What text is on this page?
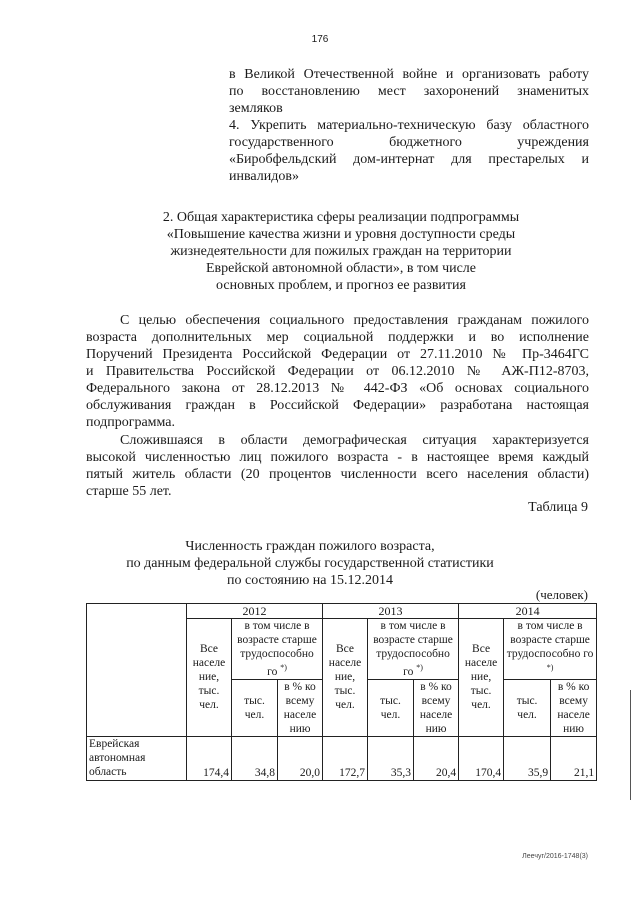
176
в Великой Отечественной войне и организовать работу
по восстановлению мест захоронений знаменитых
земляков
4. Укрепить материально-техническую базу областного
государственного бюджетного учреждения
«Биробфельдский дом-интернат для престарелых и
инвалидов»
2. Общая характеристика сферы реализации подпрограммы
«Повышение качества жизни и уровня доступности среды
жизнедеятельности для пожилых граждан на территории
Еврейской автономной области», в том числе
основных проблем, и прогноз ее развития
С целью обеспечения социального предоставления гражданам пожилого
возраста дополнительных мер социальной поддержки и во исполнение
Поручений Президента Российской Федерации от 27.11.2010 № Пр-3464ГС
и Правительства Российской Федерации от 06.12.2010 № АЖ-П12-8703,
Федерального закона от 28.12.2013 № 442-ФЗ «Об основах социального
обслуживания граждан в Российской Федерации» разработана настоящая
подпрограмма.
Сложившаяся в области демографическая ситуация характеризуется
высокой численностью лиц пожилого возраста - в настоящее время каждый
пятый житель области (20 процентов численности всего населения области)
старше 55 лет.
Таблица 9
Численность граждан пожилого возраста,
по данным федеральной службы государственной статистики
по состоянию на 15.12.2014
(человек)
	2012			2013			2014		
	Все населе ние, тыс. чел.	в том числе в возрасте старше трудоспособно го *)		Все населе ние, тыс. чел.	в том числе в возрасте старше трудоспособно го *)		Все населе ние, тыс. чел.	в том числе в возрасте старше трудоспособно го *)
		тыс. чел.	в % ко всему населе нию		тыс. чел.	в % ко всему населе нию		тыс. чел.	в % ко всему населе нию
Еврейская автономная область	174,4	34,8	20,0	172,7	35,3	20,4	170,4	35,9	21,1
Леечуг/2016-1748(3)
